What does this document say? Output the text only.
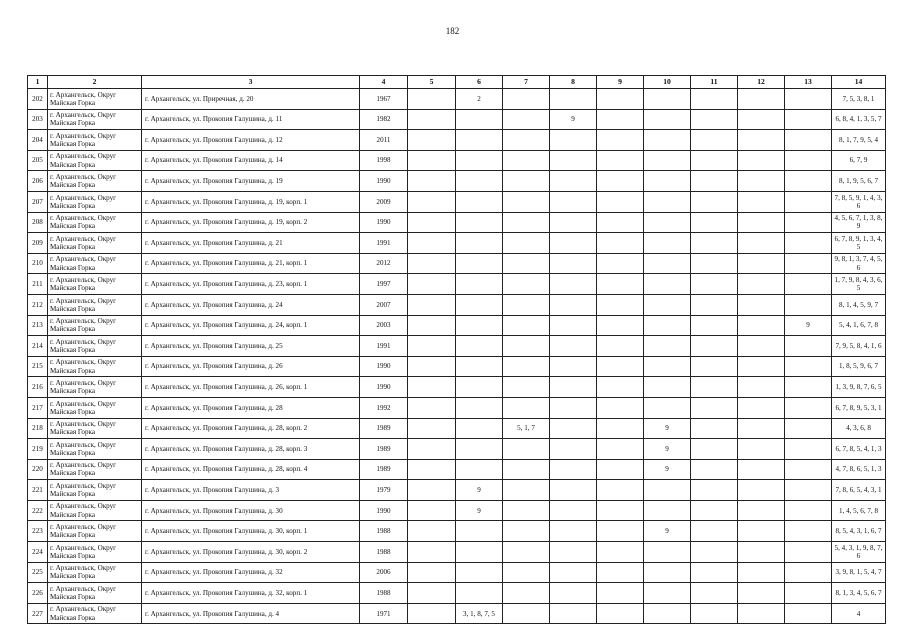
182
1	2	3	4	5	6	7	8	9	10	11	12	13	14
202	г. Архангельск, Округ Майская Горка	г. Архангельск, ул. Приречная, д. 20	1967		2								7, 5, 3, 8, 1
203	г. Архангельск, Округ Майская Горка	г. Архангельск, ул. Прокопия Галушина, д. 11	1982				9						6, 8, 4, 1, 3, 5, 7
204	г. Архангельск, Округ Майская Горка	г. Архангельск, ул. Прокопия Галушина, д. 12	2011										8, 1, 7, 9, 5, 4
205	г. Архангельск, Округ Майская Горка	г. Архангельск, ул. Прокопия Галушина, д. 14	1998										6, 7, 9
206	г. Архангельск, Округ Майская Горка	г. Архангельск, ул. Прокопия Галушина, д. 19	1990										8, 1, 9, 5, 6, 7
207	г. Архангельск, Округ Майская Горка	г. Архангельск, ул. Прокопия Галушина, д. 19, корп. 1	2009										7, 8, 5, 9, 1, 4, 3, 6
208	г. Архангельск, Округ Майская Горка	г. Архангельск, ул. Прокопия Галушина, д. 19, корп. 2	1990										4, 5, 6, 7, 1, 3, 8, 9
209	г. Архангельск, Округ Майская Горка	г. Архангельск, ул. Прокопия Галушина, д. 21	1991										6, 7, 8, 9, 1, 3, 4, 5
210	г. Архангельск, Округ Майская Горка	г. Архангельск, ул. Прокопия Галушина, д. 21, корп. 1	2012										9, 8, 1, 3, 7, 4, 5, 6
211	г. Архангельск, Округ Майская Горка	г. Архангельск, ул. Прокопия Галушина, д. 23, корп. 1	1997										1, 7, 9, 8, 4, 3, 6, 5
212	г. Архангельск, Округ Майская Горка	г. Архангельск, ул. Прокопия Галушина, д. 24	2007										8, 1, 4, 5, 9, 7
213	г. Архангельск, Округ Майская Горка	г. Архангельск, ул. Прокопия Галушина, д. 24, корп. 1	2003									9	5, 4, 1, 6, 7, 8
214	г. Архангельск, Округ Майская Горка	г. Архангельск, ул. Прокопия Галушина, д. 25	1991										7, 9, 5, 8, 4, 1, 6
215	г. Архангельск, Округ Майская Горка	г. Архангельск, ул. Прокопия Галушина, д. 26	1990										1, 8, 5, 9, 6, 7
216	г. Архангельск, Округ Майская Горка	г. Архангельск, ул. Прокопия Галушина, д. 26, корп. 1	1990										1, 3, 9, 8, 7, 6, 5
217	г. Архангельск, Округ Майская Горка	г. Архангельск, ул. Прокопия Галушина, д. 28	1992										6, 7, 8, 9, 5, 3, 1
218	г. Архангельск, Округ Майская Горка	г. Архангельск, ул. Прокопия Галушина, д. 28, корп. 2	1989			5, 1, 7			9				4, 3, 6, 8
219	г. Архангельск, Округ Майская Горка	г. Архангельск, ул. Прокопия Галушина, д. 28, корп. 3	1989						9				6, 7, 8, 5, 4, 1, 3
220	г. Архангельск, Округ Майская Горка	г. Архангельск, ул. Прокопия Галушина, д. 28, корп. 4	1989						9				4, 7, 8, 6, 5, 1, 3
221	г. Архангельск, Округ Майская Горка	г. Архангельск, ул. Прокопия Галушина, д. 3	1979		9								7, 8, 6, 5, 4, 3, 1
222	г. Архангельск, Округ Майская Горка	г. Архангельск, ул. Прокопия Галушина, д. 30	1990		9								1, 4, 5, 6, 7, 8
223	г. Архангельск, Округ Майская Горка	г. Архангельск, ул. Прокопия Галушина, д. 30, корп. 1	1988						9				8, 5, 4, 3, 1, 6, 7
224	г. Архангельск, Округ Майская Горка	г. Архангельск, ул. Прокопия Галушина, д. 30, корп. 2	1988										5, 4, 3, 1, 9, 8, 7, 6
225	г. Архангельск, Округ Майская Горка	г. Архангельск, ул. Прокопия Галушина, д. 32	2006										3, 9, 8, 1, 5, 4, 7
226	г. Архангельск, Округ Майская Горка	г. Архангельск, ул. Прокопия Галушина, д. 32, корп. 1	1988										8, 1, 3, 4, 5, 6, 7
227	г. Архангельск, Округ Майская Горка	г. Архангельск, ул. Прокопия Галушина, д. 4	1971		3, 1, 8, 7, 5								4
